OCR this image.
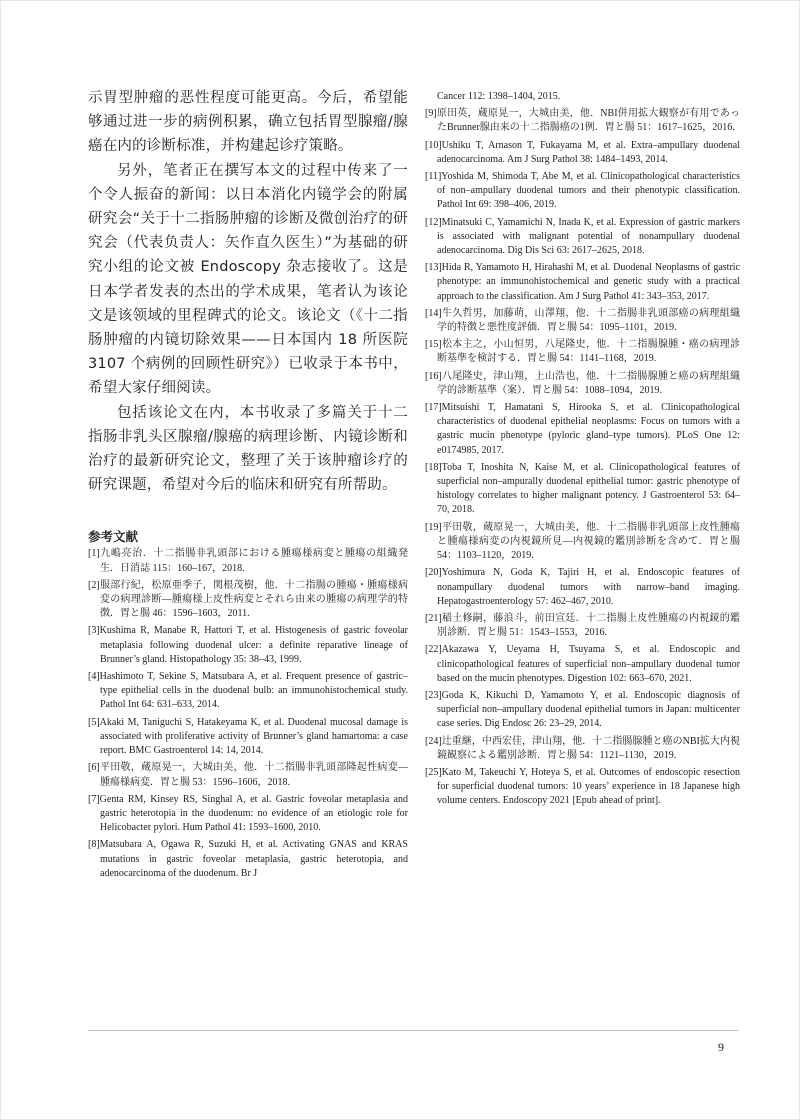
示胃型肿瘤的恶性程度可能更高。今后，希望能够通过进一步的病例积累，确立包括胃型腺瘤/腺癌在内的诊断标准，并构建起诊疗策略。

另外，笔者正在撰写本文的过程中传来了一个令人振奋的新闻：以日本消化内镜学会的附属研究会“关于十二指肠肿瘤的诊断及微创治疗的研究会（代表负责人：矢作直久医生）”为基础的研究小组的论文被 Endoscopy 杂志接收了。这是日本学者发表的杰出的学术成果，笔者认为该论文是该领域的里程碑式的论文。该论文（《十二指肠肿瘤的内镜切除效果——日本国内 18 所医院 3107 个病例的回顾性研究》）已收录于本书中，希望大家仔细阅读。

包括该论文在内，本书收录了多篇关于十二指肠非乳头区腺瘤/腺癌的病理诊断、内镜诊断和治疗的最新研究论文，整理了关于该肿瘤诊疗的研究课题，希望对今后的临床和研究有所帮助。

参考文献
[1]九嶋亮治．十二指腸非乳頭部における腫瘍様病変と腫瘍の組織発生．日消誌 115：160–167，2018.
[2]服部行紀，松原亜季子，関根茂樹，他．十二指腸の腫瘍・腫瘍様病変の病理診断—腫瘍様上皮性病変とそれら由来の腫瘍の病理学的特徴．胃と腸 46：1596–1603，2011.
[3]Kushima R, Manabe R, Hattori T, et al. Histogenesis of gastric foveolar metaplasia following duodenal ulcer: a definite reparative lineage of Brunner’s gland. Histopathology 35: 38–43, 1999.
[4]Hashimoto T, Sekine S, Matsubara A, et al. Frequent presence of gastric–type epithelial cells in the duodenal bulb: an immunohistochemical study. Pathol Int 64: 631–633, 2014.
[5]Akaki M, Taniguchi S, Hatakeyama K, et al. Duodenal mucosal damage is associated with proliferative activity of Brunner’s gland hamartoma: a case report. BMC Gastroenterol 14: 14, 2014.
[6]平田敬，蔵原晃一，大城由美，他．十二指腸非乳頭部隆起性病変—腫瘍様病変．胃と腸 53：1596–1606，2018.
[7]Genta RM, Kinsey RS, Singhal A, et al. Gastric foveolar metaplasia and gastric heterotopia in the duodenum: no evidence of an etiologic role for Helicobacter pylori. Hum Pathol 41: 1593–1600, 2010.
[8]Matsubara A, Ogawa R, Suzuki H, et al. Activating GNAS and KRAS mutations in gastric foveolar metaplasia, gastric heterotopia, and adenocarcinoma of the duodenum. Br J
Cancer 112: 1398–1404, 2015.
[9]原田英，蔵原晃一，大城由美，他．NBI併用拡大観察が有用であったBrunner腺由来の十二指腸癌の1例．胃と腸 51：1617–1625，2016.
[10]Ushiku T, Arnason T, Fukayama M, et al. Extra–ampullary duodenal adenocarcinoma. Am J Surg Pathol 38: 1484–1493, 2014.
[11]Yoshida M, Shimoda T, Abe M, et al. Clinicopathological characteristics of non–ampullary duodenal tumors and their phenotypic classification. Pathol Int 69: 398–406, 2019.
[12]Minatsuki C, Yamamichi N, Inada K, et al. Expression of gastric markers is associated with malignant potential of nonampullary duodenal adenocarcinoma. Dig Dis Sci 63: 2617–2625, 2018.
[13]Hida R, Yamamoto H, Hirahashi M, et al. Duodenal Neoplasms of gastric phenotype: an immunohistochemical and genetic study with a practical approach to the classification. Am J Surg Pathol 41: 343–353, 2017.
[14]牛久哲男，加藤萌，山澤翔，他．十二指腸非乳頭部癌の病理組織学的特徴と悪性度評価．胃と腸 54：1095–1101，2019.
[15]松本主之，小山恒男，八尾隆史，他．十二指腸腺腫・癌の病理診断基準を検討する．胃と腸 54：1141–1168，2019.
[16]八尾隆史，津山翔，上山浩也，他．十二指腸腺腫と癌の病理組織学的診断基準（案）．胃と腸 54：1088–1094，2019.
[17]Mitsuishi T, Hamatani S, Hirooka S, et al. Clinicopathological characteristics of duodenal epithelial neoplasms: Focus on tumors with a gastric mucin phenotype (pyloric gland–type tumors). PLoS One 12: e0174985, 2017.
[18]Toba T, Inoshita N, Kaise M, et al. Clinicopathological features of superficial non–ampurally duodenal epithelial tumor: gastric phenotype of histology correlates to higher malignant potency. J Gastroenterol 53: 64–70, 2018.
[19]平田敬，蔵原晃一，大城由美，他．十二指腸非乳頭部上皮性腫瘍と腫瘍様病変の内視鏡所見—内視鏡的鑑別診断を含めて．胃と腸 54：1103–1120，2019.
[20]Yoshimura N, Goda K, Tajiri H, et al. Endoscopic features of nonampullary duodenal tumors with narrow–band imaging. Hepatogastroenterology 57: 462–467, 2010.
[21]稲土修嗣，藤浪斗，前田宣廷．十二指腸上皮性腫瘍の内視鏡的鑑別診断．胃と腸 51：1543–1553，2016.
[22]Akazawa Y, Ueyama H, Tsuyama S, et al. Endoscopic and clinicopathological features of superficial non–ampullary duodenal tumor based on the mucin phenotypes. Digestion 102: 663–670, 2021.
[23]Goda K, Kikuchi D, Yamamoto Y, et al. Endoscopic diagnosis of superficial non–ampullary duodenal epithelial tumors in Japan: multicenter case series. Dig Endosc 26: 23–29, 2014.
[24]辻重継，中西宏佳，津山翔，他．十二指腸腺腫と癌のNBI拡大内視鏡観察による鑑別診断．胃と腸 54：1121–1130，2019.
[25]Kato M, Takeuchi Y, Hoteya S, et al. Outcomes of endoscopic resection for superficial duodenal tumors: 10 years’ experience in 18 Japanese high volume centers. Endoscopy 2021 [Epub ahead of print].
9
